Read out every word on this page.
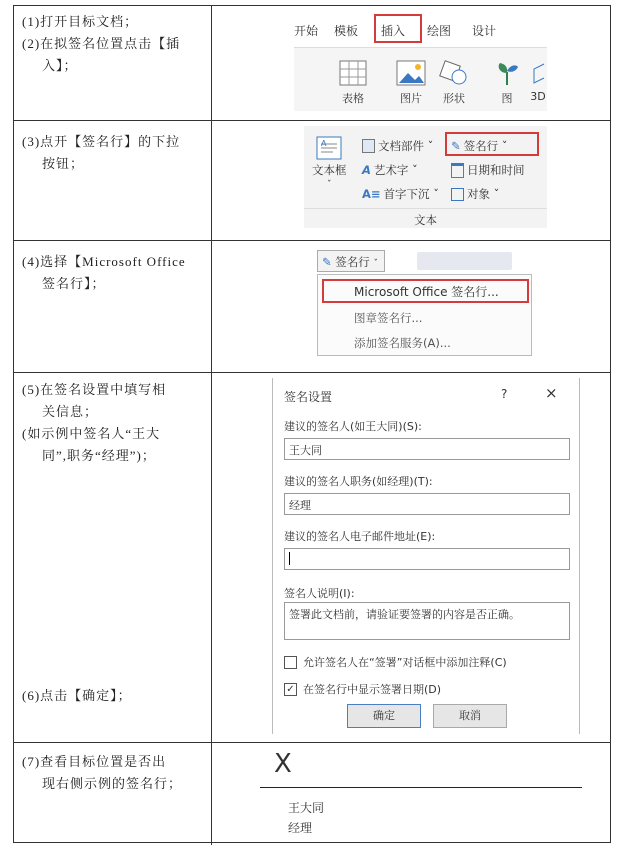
(1)打开目标文档；
(2)在拟签名位置点击【插
入】；
开始 模板 插入 绘图 设计
表格	图片	形状	图	3D
(3)点开【签名行】的下拉
按钮；
A
文本框
ˇ
文档部件 ˇ ✎ 签名行 ˇ
A 艺术字 ˇ	日期和时间
A≡ 首字下沉 ˇ 对象 ˇ
文本
(4)选择【Microsoft Office
签名行】；
✎ 签名行 ˇ
Microsoft Office 签名行...
图章签名行...
添加签名服务(A)...
(5)在签名设置中填写相
关信息；
(如示例中签名人“王大
同”,职务“经理”)；
(6)点击【确定】；
签名设置	?	×
建议的签名人(如王大同)(S):
王大同
建议的签名人职务(如经理)(T):
经理
建议的签名人电子邮件地址(E):

签名人说明(I):
签署此文档前，请验证要签署的内容是否正确。
允许签名人在“签署”对话框中添加注释(C)
✓ 在签名行中显示签署日期(D)
确定	取消
(7)查看目标位置是否出
现右侧示例的签名行；
X
王大同
经理
